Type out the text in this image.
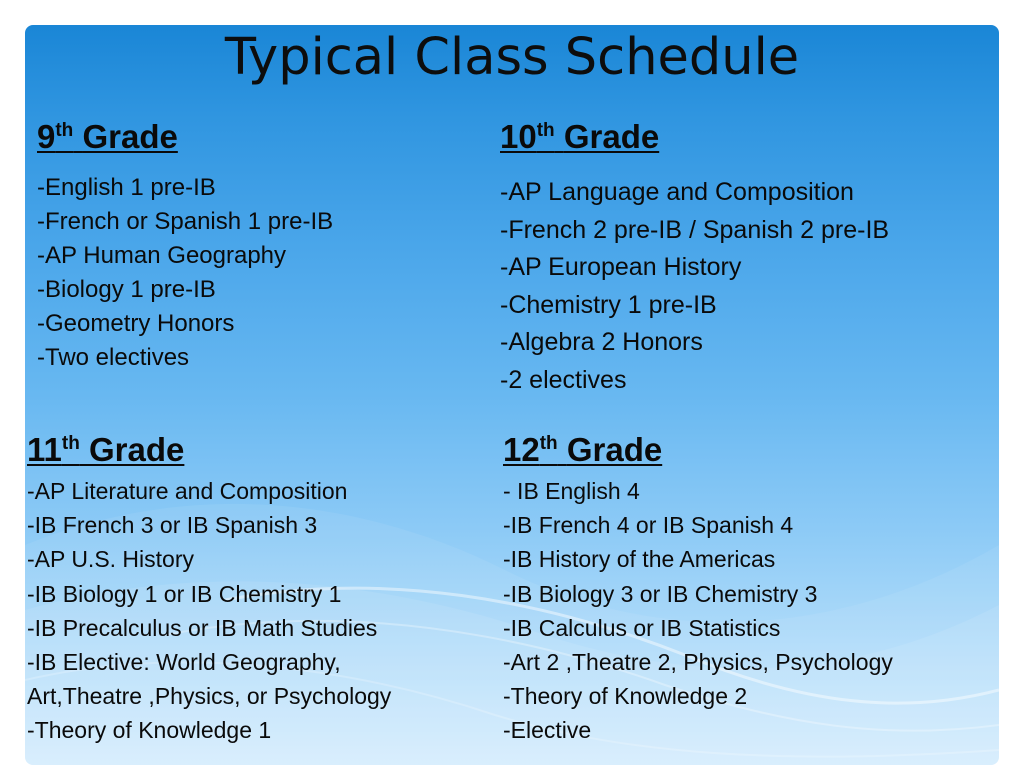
Typical Class Schedule
9th Grade
-English 1 pre-IB
-French or Spanish 1 pre-IB
-AP Human Geography
-Biology 1 pre-IB
-Geometry Honors
-Two electives
10th Grade
-AP Language and Composition
-French 2 pre-IB / Spanish 2 pre-IB
-AP European History
-Chemistry 1 pre-IB
-Algebra 2 Honors
-2 electives
11th Grade
-AP Literature and Composition
-IB French 3 or IB Spanish 3
-AP U.S. History
-IB Biology 1 or IB Chemistry 1
-IB Precalculus or IB Math Studies
-IB Elective: World Geography,
Art,Theatre ,Physics, or Psychology
-Theory of Knowledge 1
12th Grade
- IB English 4
-IB French 4 or IB Spanish 4
-IB History of the Americas
-IB Biology 3 or IB Chemistry 3
-IB Calculus or IB Statistics
-Art 2 ,Theatre 2, Physics, Psychology
-Theory of Knowledge 2
-Elective
